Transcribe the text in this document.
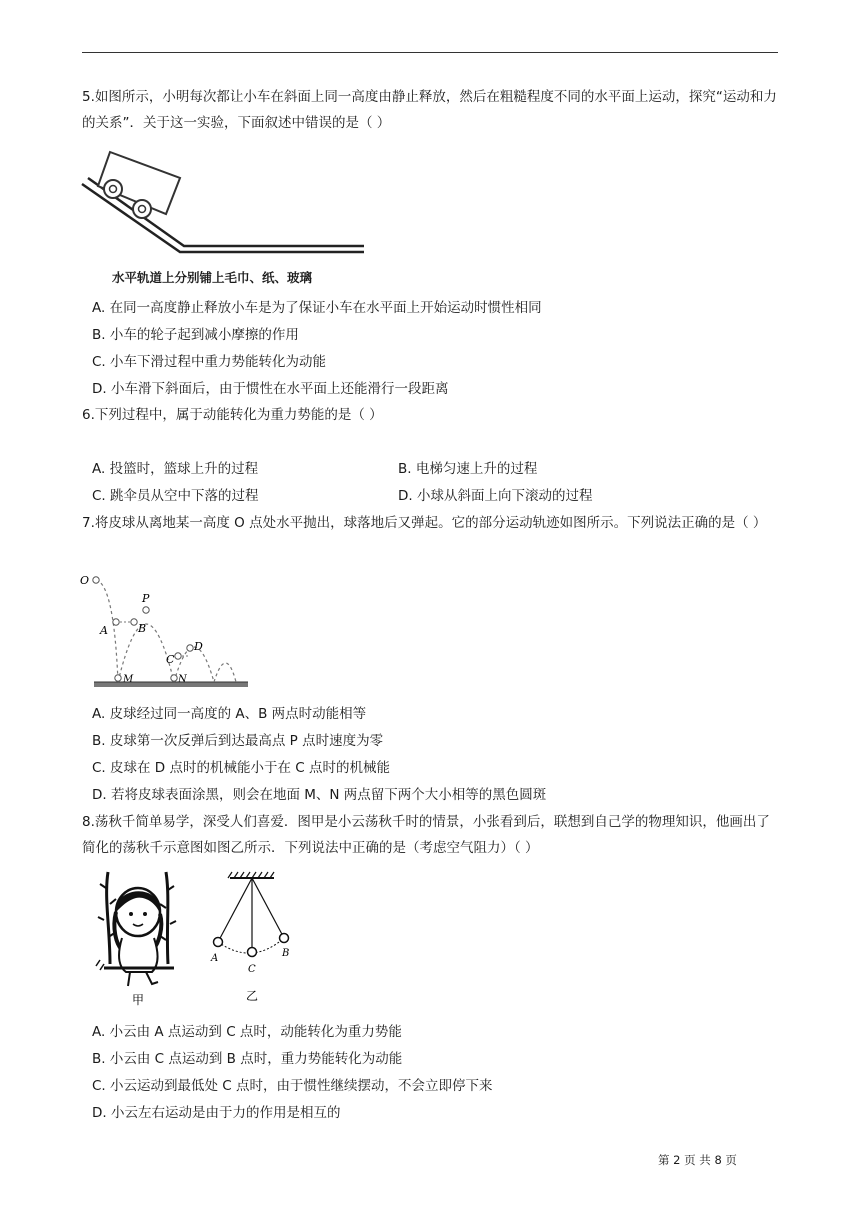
5.如图所示，小明每次都让小车在斜面上同一高度由静止释放，然后在粗糙程度不同的水平面上运动，探究“运动和力的关系”．关于这一实验，下面叙述中错误的是（ ）
水平轨道上分别铺上毛巾、纸、玻璃
A. 在同一高度静止释放小车是为了保证小车在水平面上开始运动时惯性相同
B. 小车的轮子起到减小摩擦的作用
C. 小车下滑过程中重力势能转化为动能
D. 小车滑下斜面后，由于惯性在水平面上还能滑行一段距离
6.下列过程中，属于动能转化为重力势能的是（ ）
A. 投篮时，篮球上升的过程	B. 电梯匀速上升的过程
C. 跳伞员从空中下落的过程	D. 小球从斜面上向下滚动的过程
7.将皮球从离地某一高度 O 点处水平抛出，球落地后又弹起。它的部分运动轨迹如图所示。下列说法正确的是（ ）
O
P
A	B
C
D
M	N
A. 皮球经过同一高度的 A、B 两点时动能相等
B. 皮球第一次反弹后到达最高点 P 点时速度为零
C. 皮球在 D 点时的机械能小于在 C 点时的机械能
D. 若将皮球表面涂黑，则会在地面 M、N 两点留下两个大小相等的黑色圆斑
8.荡秋千简单易学，深受人们喜爱．图甲是小云荡秋千时的情景，小张看到后，联想到自己学的物理知识，他画出了简化的荡秋千示意图如图乙所示．下列说法中正确的是（考虑空气阻力）（ ）
甲
A
C
B
乙
A. 小云由 A 点运动到 C 点时，动能转化为重力势能
B. 小云由 C 点运动到 B 点时，重力势能转化为动能
C. 小云运动到最低处 C 点时，由于惯性继续摆动，不会立即停下来
D. 小云左右运动是由于力的作用是相互的
第 2 页 共 8 页
